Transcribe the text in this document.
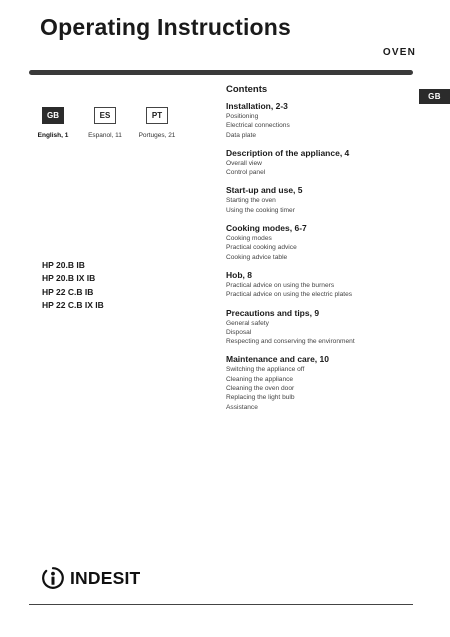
Operating Instructions
OVEN
GB
GB
English, 1
ES
Espanol, 11
PT
Portuges, 21
HP 20.B IB
HP 20.B IX IB
HP 22 C.B IB
HP 22 C.B IX IB
Contents
Installation, 2-3

Positioning

Electrical connections

Data plate

Description of the appliance, 4

Overall view

Control panel

Start-up and use, 5

Starting the oven

Using the cooking timer

Cooking modes, 6-7

Cooking modes

Practical cooking advice

Cooking advice table

Hob, 8

Practical advice on using the burners

Practical advice on using the electric plates

Precautions and tips, 9

General safety

Disposal

Respecting and conserving the environment

Maintenance and care, 10

Switching the appliance off

Cleaning the appliance

Cleaning the oven door

Replacing the light bulb

Assistance

INDESIT
